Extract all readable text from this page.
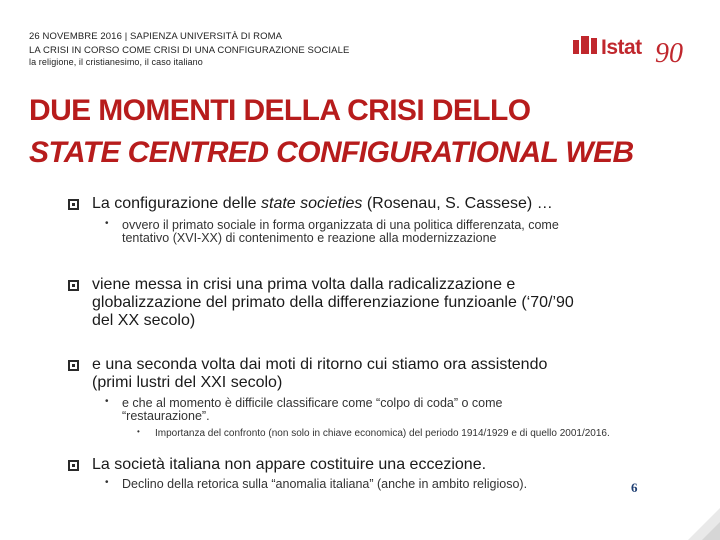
26 NOVEMBRE 2016 | SAPIENZA UNIVERSITÀ DI ROMA
LA CRISI IN CORSO COME CRISI DI UNA CONFIGURAZIONE SOCIALE
la religione, il cristianesimo, il caso italiano
Istat 90
DUE MOMENTI DELLA CRISI DELLO
STATE CENTRED CONFIGURATIONAL WEB
La configurazione delle state societies (Rosenau, S. Cassese) …
• ovvero il primato sociale in forma organizzata di una politica differenzata, come
tentativo (XVI-XX) di contenimento e reazione alla modernizzazione
viene messa in crisi una prima volta dalla radicalizzazione e
globalizzazione del primato della differenziazione funzioanle (‘70/’90
del XX secolo)
e una seconda volta dai moti di ritorno cui stiamo ora assistendo
(primi lustri del XXI secolo)
• e che al momento è difficile classificare come “colpo di coda” o come
“restaurazione”.
• Importanza del confronto (non solo in chiave economica) del periodo 1914/1929 e di quello 2001/2016.
La società italiana non appare costituire una eccezione.
• Declino della retorica sulla “anomalia italiana” (anche in ambito religioso).	6
